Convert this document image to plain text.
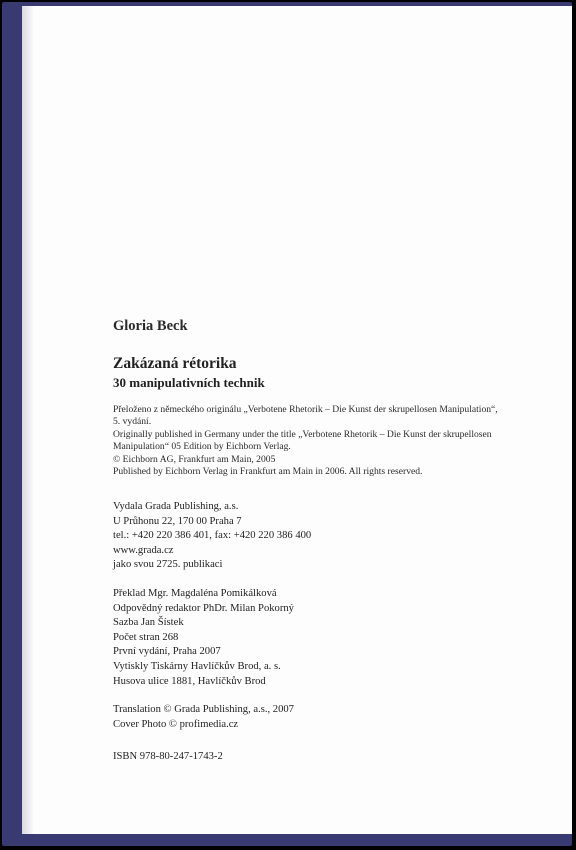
Gloria Beck
Zakázaná rétorika
30 manipulativních technik
Přeloženo z německého originálu „Verbotene Rhetorik – Die Kunst der skrupellosen Manipulation“,
5. vydání.
Originally published in Germany under the title „Verbotene Rhetorik – Die Kunst der skrupellosen
Manipulation“ 05 Edition by Eichborn Verlag.
© Eichborn AG, Frankfurt am Main, 2005
Published by Eichborn Verlag in Frankfurt am Main in 2006. All rights reserved.
Vydala Grada Publishing, a.s.
U Průhonu 22, 170 00 Praha 7
tel.: +420 220 386 401, fax: +420 220 386 400
www.grada.cz
jako svou 2725. publikaci
Překlad Mgr. Magdaléna Pomikálková
Odpovědný redaktor PhDr. Milan Pokorný
Sazba Jan Šístek
Počet stran 268
První vydání, Praha 2007
Vytiskly Tiskárny Havlíčkův Brod, a. s.
Husova ulice 1881, Havlíčkův Brod
Translation © Grada Publishing, a.s., 2007
Cover Photo © profimedia.cz
ISBN 978-80-247-1743-2
